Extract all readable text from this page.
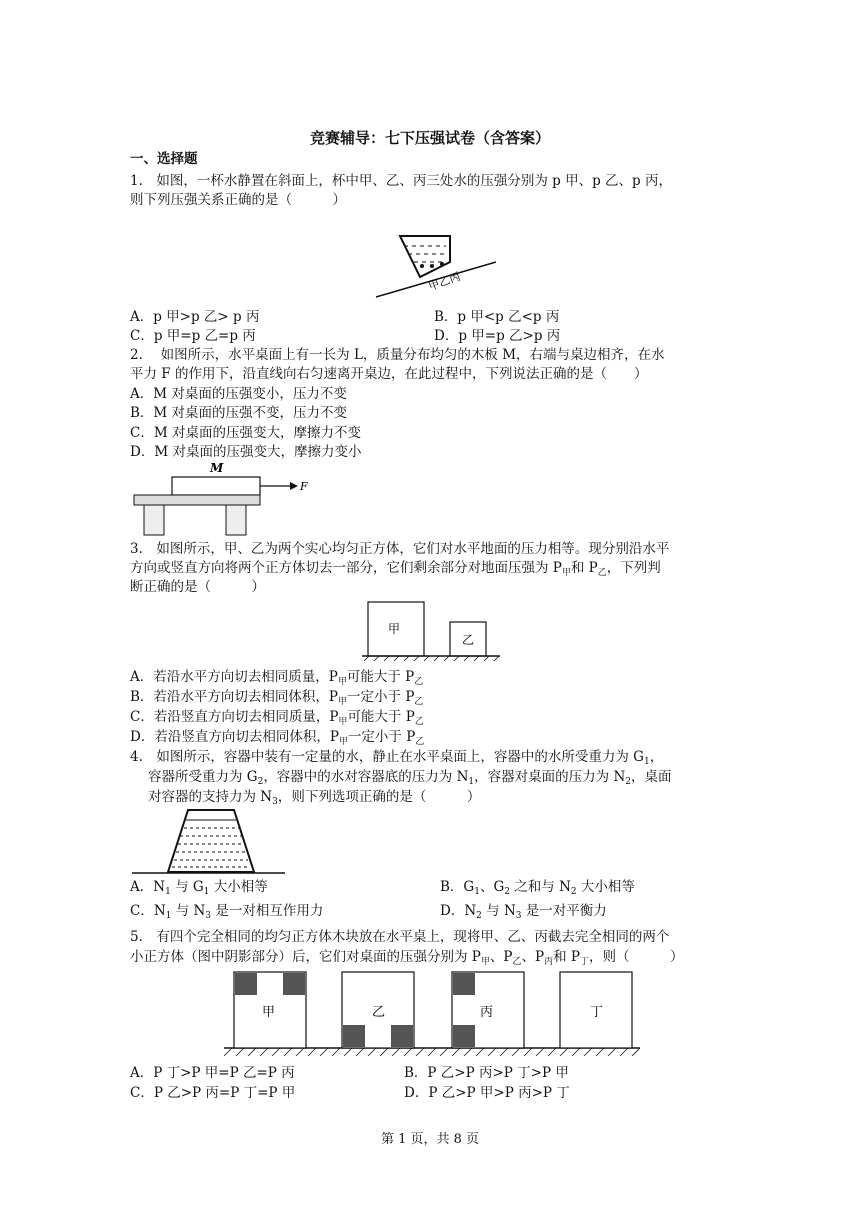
竞赛辅导：七下压强试卷（含答案）
一、选择题
1.　如图，一杯水静置在斜面上，杯中甲、乙、丙三处水的压强分别为 p 甲、p 乙、p 丙，
则下列压强关系正确的是（　　　）
甲乙丙
A．p 甲>p 乙> p 丙	B．p 甲<p 乙<p 丙
C．p 甲=p 乙=p 丙	D．p 甲=p 乙>p 丙
2.　 如图所示，水平桌面上有一长为 L，质量分布均匀的木板 M，右端与桌边相齐，在水
平力 F 的作用下，沿直线向右匀速离开桌边，在此过程中，下列说法正确的是（　　）
A．M 对桌面的压强变小，压力不变
B．M 对桌面的压强不变，压力不变
C．M 对桌面的压强变大，摩擦力不变
D．M 对桌面的压强变大，摩擦力变小
M
F
3.　如图所示，甲、乙为两个实心均匀正方体，它们对水平地面的压力相等。现分别沿水平
方向或竖直方向将两个正方体切去一部分，它们剩余部分对地面压强为 $P_甲$和 $P_乙$，下列判
断正确的是（　　　）
甲
乙
A．若沿水平方向切去相同质量，$P_甲$可能大于 $P_乙$
B．若沿水平方向切去相同体积，$P_甲$一定小于 $P_乙$
C．若沿竖直方向切去相同质量，$P_甲$可能大于 $P_乙$
D．若沿竖直方向切去相同体积，$P_甲$一定小于 $P_乙$
4.　如图所示，容器中装有一定量的水，静止在水平桌面上，容器中的水所受重力为 $G_1$，
容器所受重力为 $G_2$，容器中的水对容器底的压力为 $N_1$，容器对桌面的压力为 $N_2$，桌面
对容器的支持力为 $N_3$，则下列选项正确的是（　　　）
A．$N_1$ 与 $G_1$ 大小相等	B．$G_1$、$G_2$ 之和与 $N_2$ 大小相等
C．$N_1$ 与 $N_3$ 是一对相互作用力	D．$N_2$ 与 $N_3$ 是一对平衡力
5.　有四个完全相同的均匀正方体木块放在水平桌上，现将甲、乙、丙截去完全相同的两个
小正方体（图中阴影部分）后，它们对桌面的压强分别为 $P_甲$、$P_乙$、$P_丙$和 $P_丁$，则（　　　）
甲	乙	丙	丁
A．P 丁>P 甲=P 乙=P 丙	B．P 乙>P 丙>P 丁>P 甲
C．P 乙>P 丙=P 丁=P 甲	D．P 乙>P 甲>P 丙>P 丁
第 1 页，共 8 页
